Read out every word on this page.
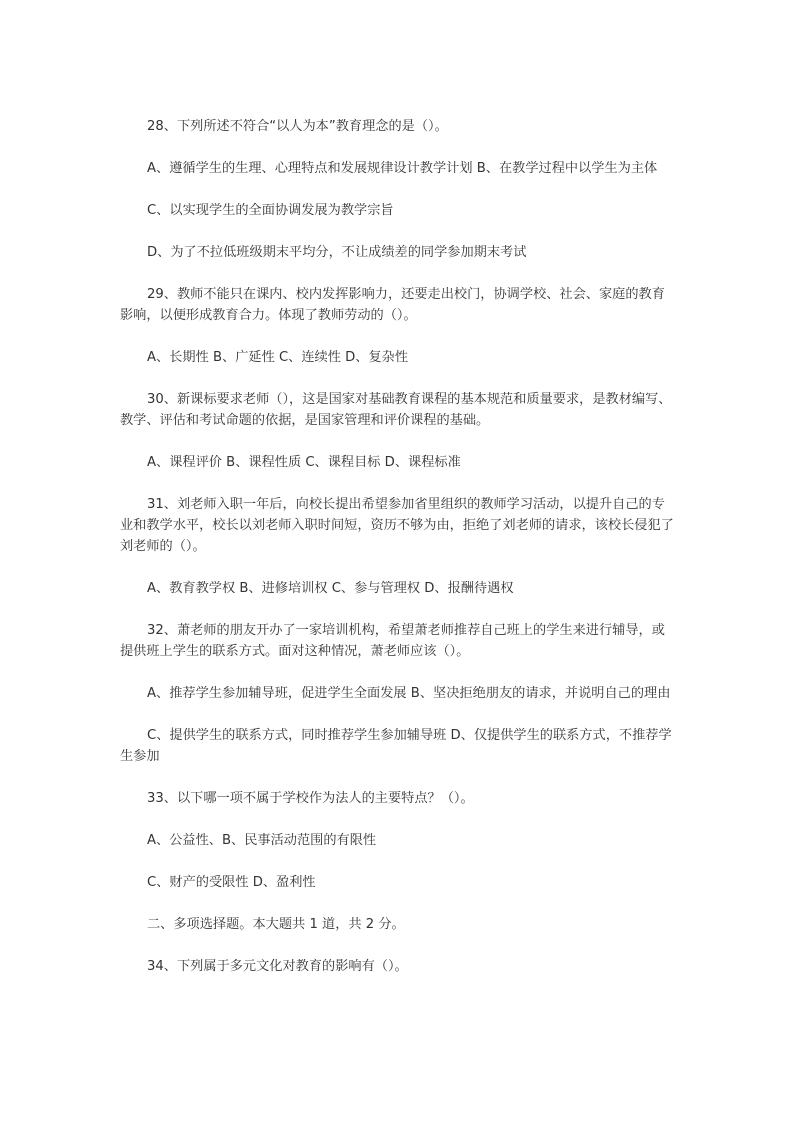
28、下列所述不符合“以人为本”教育理念的是（）。

A、遵循学生的生理、心理特点和发展规律设计教学计划 B、在教学过程中以学生为主体

C、以实现学生的全面协调发展为教学宗旨

D、为了不拉低班级期末平均分，不让成绩差的同学参加期末考试

29、教师不能只在课内、校内发挥影响力，还要走出校门，协调学校、社会、家庭的教育影响，以便形成教育合力。体现了教师劳动的（）。

A、长期性 B、广延性 C、连续性 D、复杂性

30、新课标要求老师（），这是国家对基础教育课程的基本规范和质量要求，是教材编写、教学、评估和考试命题的依据，是国家管理和评价课程的基础。

A、课程评价 B、课程性质 C、课程目标 D、课程标准

31、刘老师入职一年后，向校长提出希望参加省里组织的教师学习活动，以提升自己的专业和教学水平，校长以刘老师入职时间短，资历不够为由，拒绝了刘老师的请求，该校长侵犯了刘老师的（）。

A、教育教学权 B、进修培训权 C、参与管理权 D、报酬待遇权

32、萧老师的朋友开办了一家培训机构，希望萧老师推荐自己班上的学生来进行辅导，或提供班上学生的联系方式。面对这种情况，萧老师应该（）。

A、推荐学生参加辅导班，促进学生全面发展 B、坚决拒绝朋友的请求，并说明自己的理由

C、提供学生的联系方式，同时推荐学生参加辅导班 D、仅提供学生的联系方式，不推荐学生参加

33、以下哪一项不属于学校作为法人的主要特点？（）。

A、公益性、B、民事活动范围的有限性

C、财产的受限性 D、盈利性

二、多项选择题。本大题共 1 道，共 2 分。

34、下列属于多元文化对教育的影响有（）。
